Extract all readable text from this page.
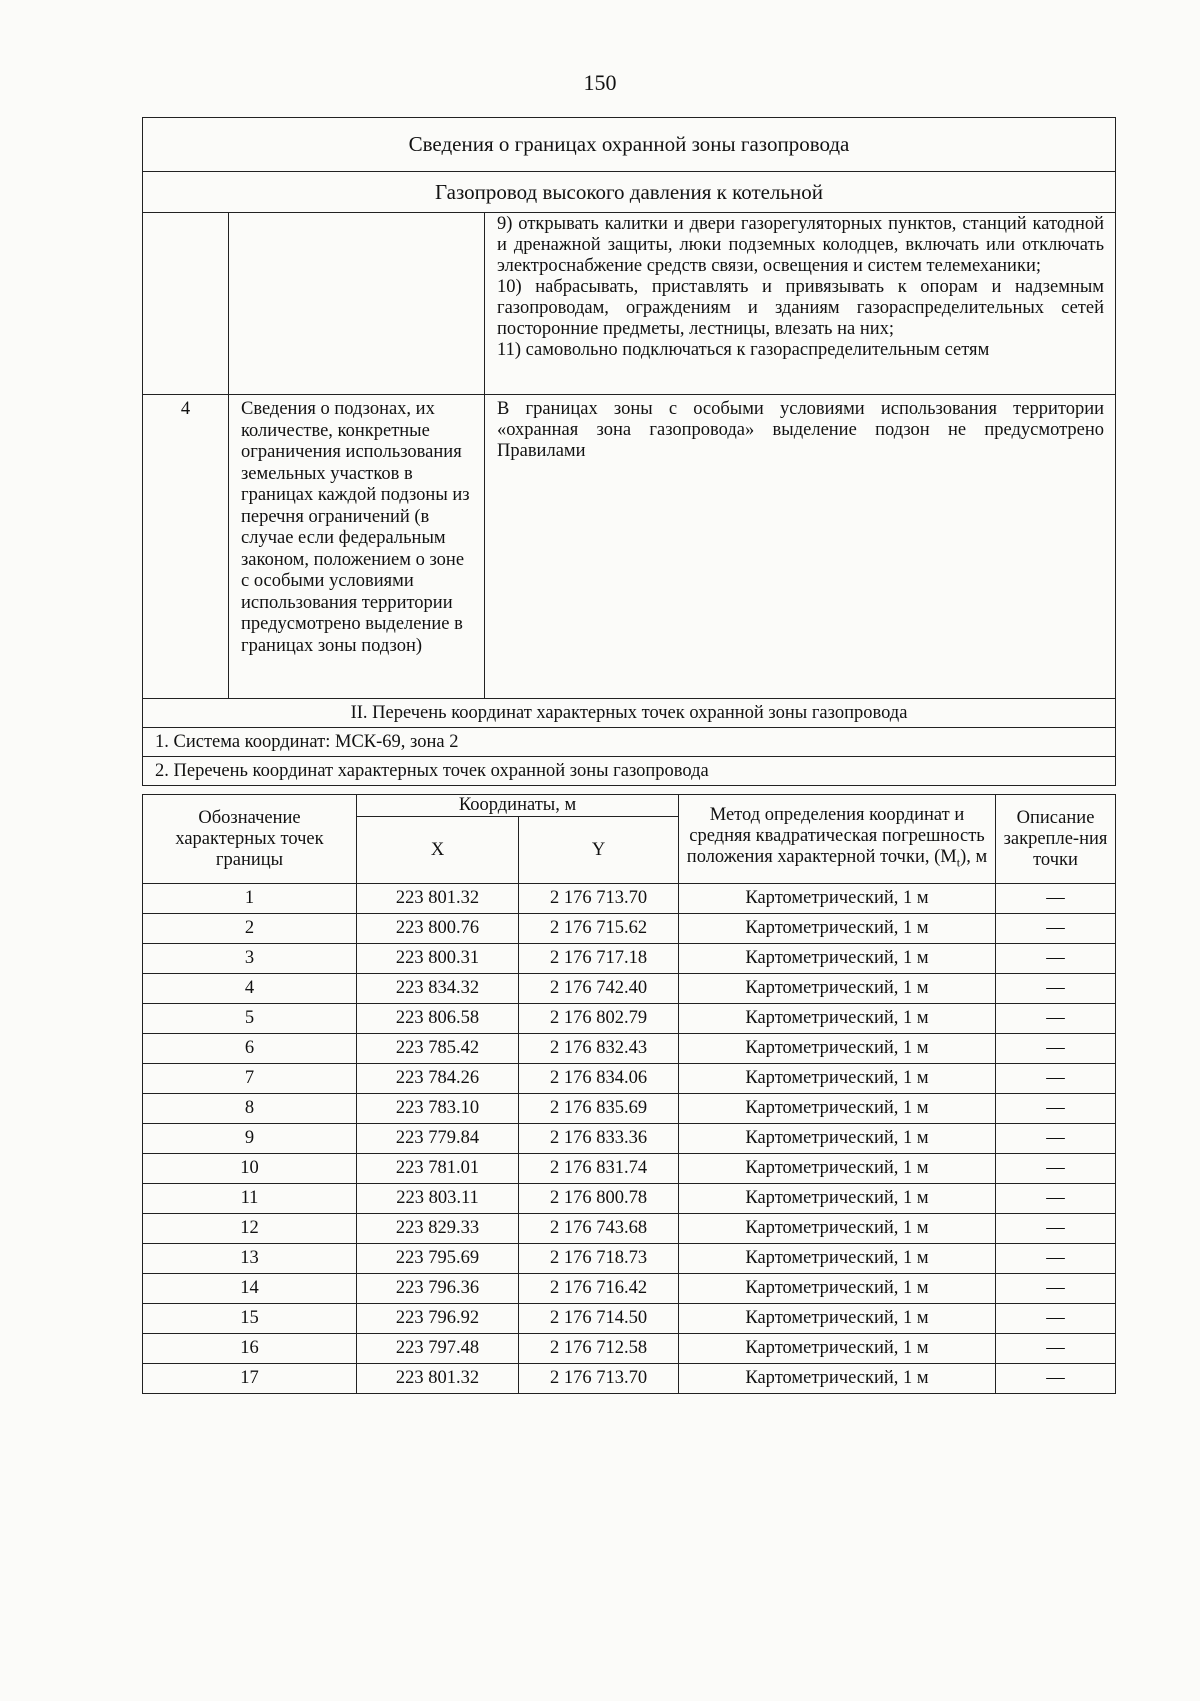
150
Сведения о границах охранной зоны газопровода		
Газопровод высокого давления к котельной		

		9) открывать калитки и двери газорегуляторных пунктов, станций катодной и дренажной защиты, люки подземных колодцев, включать или отключать электроснабжение средств связи, освещения и систем телемеханики;
10) набрасывать, приставлять и привязывать к опорам и надземным газопроводам, ограждениям и зданиям газораспределительных сетей посторонние предметы, лестницы, влезать на них;
11) самовольно подключаться к газораспределительным сетям

4	Сведения о подзонах, их количестве, конкретные ограничения использования земельных участков в границах каждой подзоны из перечня ограничений (в случае если федеральным законом, положением о зоне с особыми условиями использования территории предусмотрено выделение в границах зоны подзон)	В границах зоны с особыми условиями использования территории «охранная зона газопровода» выделение подзон не предусмотрено Правилами
II. Перечень координат характерных точек охранной зоны газопровода		
1. Система координат: МСК-69, зона 2		
2. Перечень координат характерных точек охранной зоны газопровода		
Обозначение характерных точек границы	Координаты, м		Метод определения координат и средняя квадратическая погрешность положения характерной точки, $(M_t)$, м	Описание закрепле-ния точки
	X	Y		
1	223 801.32	2 176 713.70	Картометрический, 1 м	—
2	223 800.76	2 176 715.62	Картометрический, 1 м	—
3	223 800.31	2 176 717.18	Картометрический, 1 м	—
4	223 834.32	2 176 742.40	Картометрический, 1 м	—
5	223 806.58	2 176 802.79	Картометрический, 1 м	—
6	223 785.42	2 176 832.43	Картометрический, 1 м	—
7	223 784.26	2 176 834.06	Картометрический, 1 м	—
8	223 783.10	2 176 835.69	Картометрический, 1 м	—
9	223 779.84	2 176 833.36	Картометрический, 1 м	—
10	223 781.01	2 176 831.74	Картометрический, 1 м	—
11	223 803.11	2 176 800.78	Картометрический, 1 м	—
12	223 829.33	2 176 743.68	Картометрический, 1 м	—
13	223 795.69	2 176 718.73	Картометрический, 1 м	—
14	223 796.36	2 176 716.42	Картометрический, 1 м	—
15	223 796.92	2 176 714.50	Картометрический, 1 м	—
16	223 797.48	2 176 712.58	Картометрический, 1 м	—
17	223 801.32	2 176 713.70	Картометрический, 1 м	—
